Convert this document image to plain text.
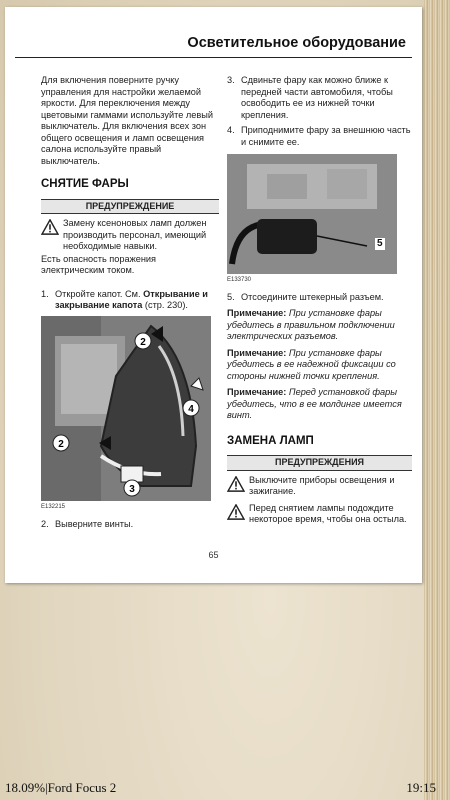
Осветительное оборудование

Для включения поверните ручку управления для настройки желаемой яркости. Для переключения между цветовыми гаммами используйте левый выключатель. Для включения всех зон общего освещения и ламп освещения салона используйте правый выключатель.

СНЯТИЕ ФАРЫ
ПРЕДУПРЕЖДЕНИЕ
Замену ксеноновых ламп должен производить персонал, имеющий необходимые навыки.

Есть опасность поражения электрическим током.

1. Откройте капот. См. Открывание и закрывание капота (стр. 230).
2
2
3
4
E132215
2. Выверните винты.
3. Сдвиньте фару как можно ближе к передней части автомобиля, чтобы освободить ее из нижней точки крепления.
4. Приподнимите фару за внешнюю часть и снимите ее.
5
E133730
5. Отсоедините штекерный разъем.

Примечание: При установке фары убедитесь в правильном подключении электрических разъемов.

Примечание: При установке фары убедитесь в ее надежной фиксации со стороны нижней точки крепления.

Примечание: Перед установкой фары убедитесь, что в ее молдинге имеется винт.

ЗАМЕНА ЛАМП
ПРЕДУПРЕЖДЕНИЯ
Выключите приборы освещения и зажигание.
Перед снятием лампы подождите некоторое время, чтобы она остыла.
65
18.09%|Ford Focus 2	19:15
